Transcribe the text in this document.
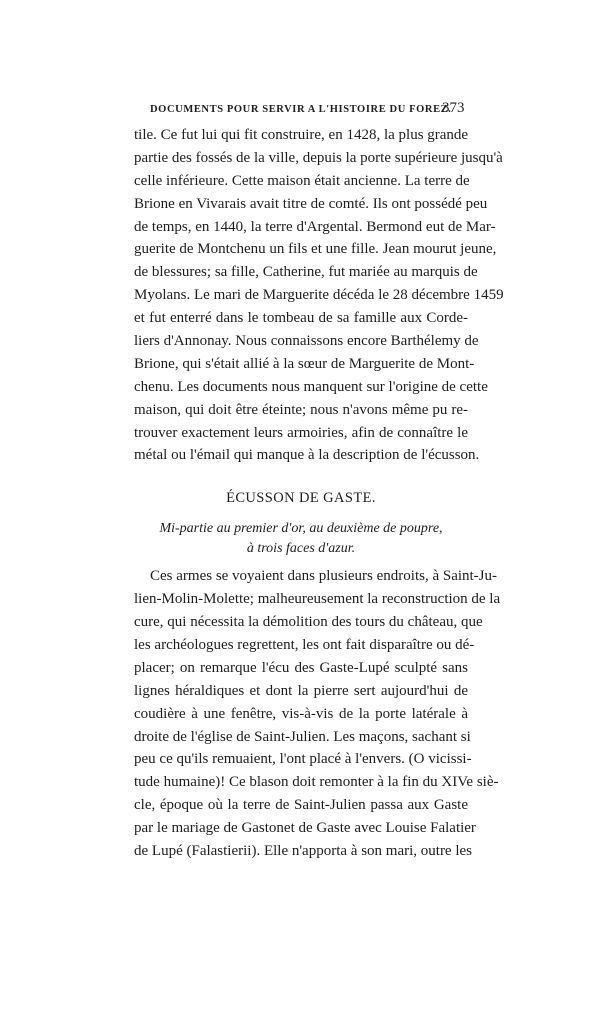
DOCUMENTS POUR SERVIR A L'HISTOIRE DU FOREZ.
373
tile. Ce fut lui qui fit construire, en 1428, la plus grande
partie des fossés de la ville, depuis la porte supérieure jusqu'à
celle inférieure. Cette maison était ancienne. La terre de
Brione en Vivarais avait titre de comté. Ils ont possédé peu
de temps, en 1440, la terre d'Argental. Bermond eut de Mar-
guerite de Montchenu un fils et une fille. Jean mourut jeune,
de blessures; sa fille, Catherine, fut mariée au marquis de
Myolans. Le mari de Marguerite décéda le 28 décembre 1459
et fut enterré dans le tombeau de sa famille aux Corde-
liers d'Annonay. Nous connaissons encore Barthélemy de
Brione, qui s'était allié à la sœur de Marguerite de Mont-
chenu. Les documents nous manquent sur l'origine de cette
maison, qui doit être éteinte; nous n'avons même pu re-
trouver exactement leurs armoiries, afin de connaître le
métal ou l'émail qui manque à la description de l'écusson.
ÉCUSSON DE GASTE.
Mi-partie au premier d'or, au deuxième de poupre,
à trois faces d'azur.
Ces armes se voyaient dans plusieurs endroits, à Saint-Ju-
lien-Molin-Molette; malheureusement la reconstruction de la
cure, qui nécessita la démolition des tours du château, que
les archéologues regrettent, les ont fait disparaître ou dé-
placer; on remarque l'écu des Gaste-Lupé sculpté sans
lignes héraldiques et dont la pierre sert aujourd'hui de
coudière à une fenêtre, vis-à-vis de la porte latérale à
droite de l'église de Saint-Julien. Les maçons, sachant si
peu ce qu'ils remuaient, l'ont placé à l'envers. (O vicissi-
tude humaine)! Ce blason doit remonter à la fin du XIVe siè-
cle, époque où la terre de Saint-Julien passa aux Gaste
par le mariage de Gastonet de Gaste avec Louise Falatier
de Lupé (Falastierii). Elle n'apporta à son mari, outre les
